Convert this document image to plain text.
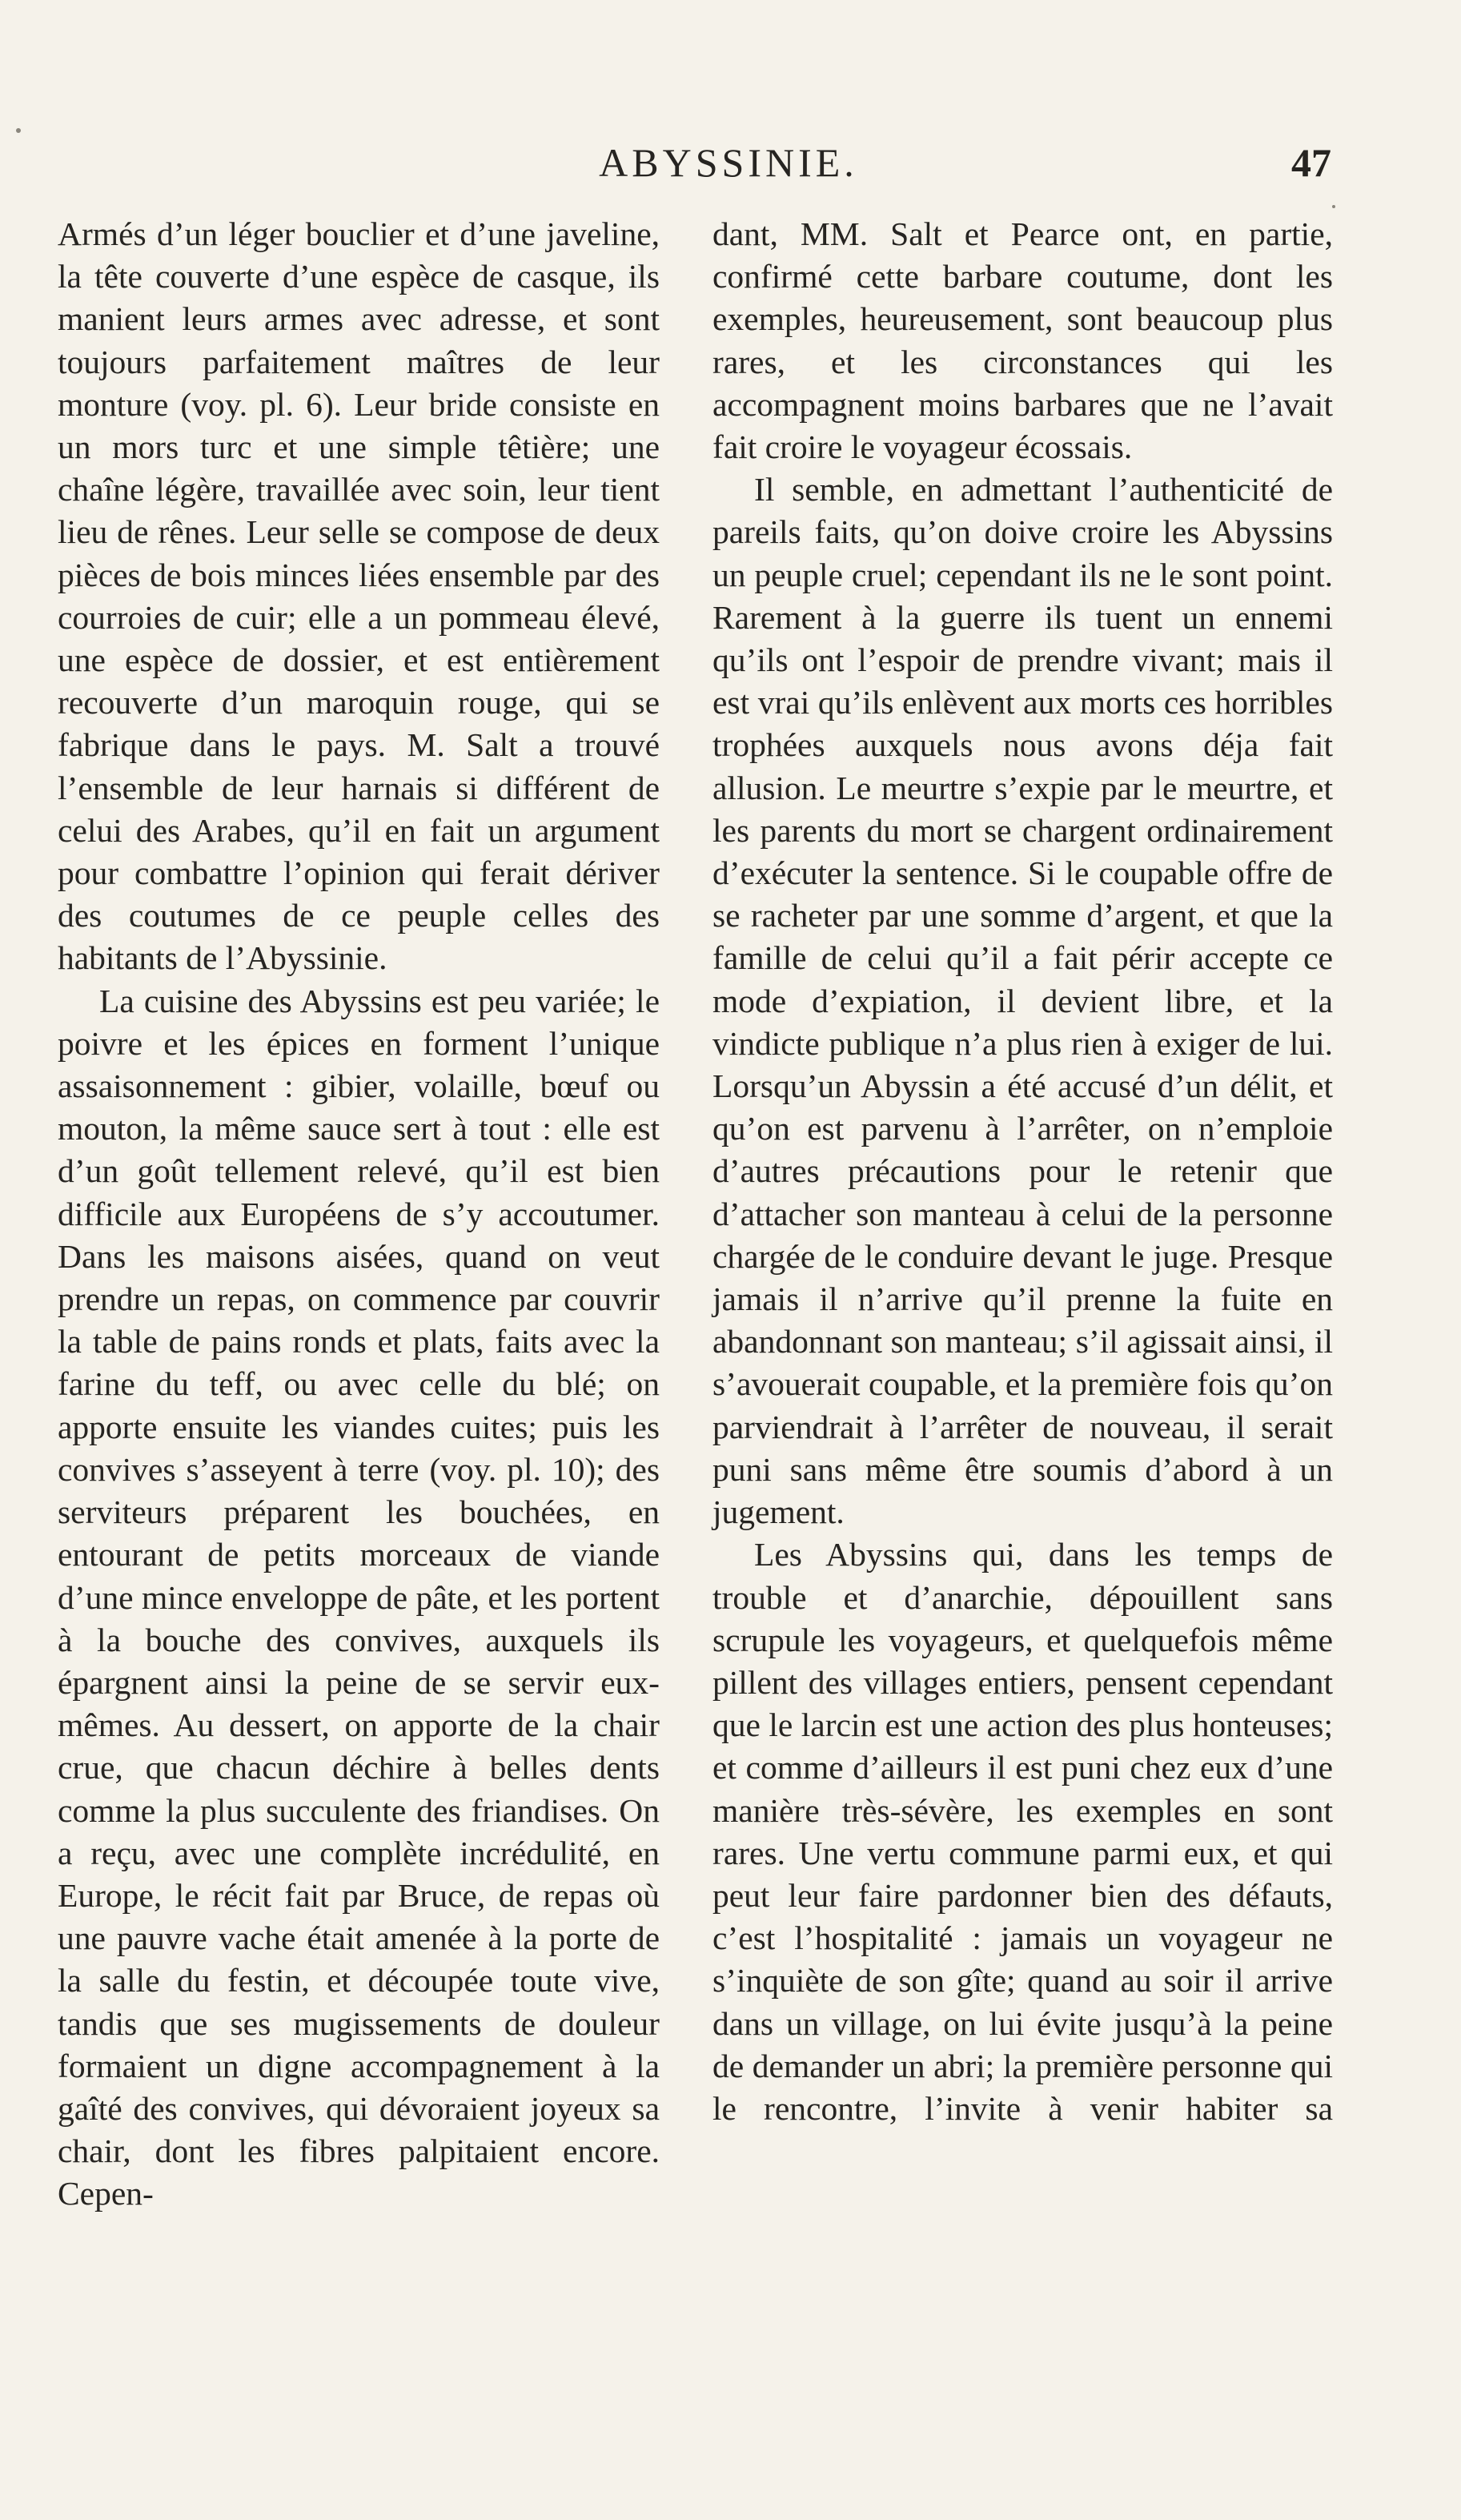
ABYSSINIE.	47

Armés d’un léger bouclier et d’une javeline, la tête couverte d’une espèce de casque, ils manient leurs armes avec adresse, et sont toujours parfaitement maîtres de leur monture (voy. pl. 6). Leur bride consiste en un mors turc et une simple têtière; une chaîne légère, travaillée avec soin, leur tient lieu de rênes. Leur selle se compose de deux pièces de bois minces liées ensemble par des courroies de cuir; elle a un pommeau élevé, une espèce de dossier, et est entièrement recouverte d’un maroquin rouge, qui se fabrique dans le pays. M. Salt a trouvé l’ensemble de leur harnais si différent de celui des Arabes, qu’il en fait un argument pour combattre l’opinion qui ferait dériver des coutumes de ce peuple celles des habitants de l’Abyssinie.

La cuisine des Abyssins est peu variée; le poivre et les épices en forment l’unique assaisonnement : gibier, volaille, bœuf ou mouton, la même sauce sert à tout : elle est d’un goût tellement relevé, qu’il est bien difficile aux Européens de s’y accoutumer. Dans les maisons aisées, quand on veut prendre un repas, on commence par couvrir la table de pains ronds et plats, faits avec la farine du teff, ou avec celle du blé; on apporte ensuite les viandes cuites; puis les convives s’asseyent à terre (voy. pl. 10); des serviteurs préparent les bouchées, en entourant de petits morceaux de viande d’une mince enveloppe de pâte, et les portent à la bouche des convives, auxquels ils épargnent ainsi la peine de se servir eux-mêmes. Au dessert, on apporte de la chair crue, que chacun déchire à belles dents comme la plus succulente des friandises. On a reçu, avec une complète incrédulité, en Europe, le récit fait par Bruce, de repas où une pauvre vache était amenée à la porte de la salle du festin, et découpée toute vive, tandis que ses mugissements de douleur formaient un digne accompagnement à la gaîté des convives, qui dévoraient joyeux sa chair, dont les fibres palpitaient encore. Cepen-

dant, MM. Salt et Pearce ont, en partie, confirmé cette barbare coutume, dont les exemples, heureusement, sont beaucoup plus rares, et les circonstances qui les accompagnent moins barbares que ne l’avait fait croire le voyageur écossais.

Il semble, en admettant l’authenticité de pareils faits, qu’on doive croire les Abyssins un peuple cruel; cependant ils ne le sont point. Rarement à la guerre ils tuent un ennemi qu’ils ont l’espoir de prendre vivant; mais il est vrai qu’ils enlèvent aux morts ces horribles trophées auxquels nous avons déja fait allusion. Le meurtre s’expie par le meurtre, et les parents du mort se chargent ordinairement d’exécuter la sentence. Si le coupable offre de se racheter par une somme d’argent, et que la famille de celui qu’il a fait périr accepte ce mode d’expiation, il devient libre, et la vindicte publique n’a plus rien à exiger de lui. Lorsqu’un Abyssin a été accusé d’un délit, et qu’on est parvenu à l’arrêter, on n’emploie d’autres précautions pour le retenir que d’attacher son manteau à celui de la personne chargée de le conduire devant le juge. Presque jamais il n’arrive qu’il prenne la fuite en abandonnant son manteau; s’il agissait ainsi, il s’avouerait coupable, et la première fois qu’on parviendrait à l’arrêter de nouveau, il serait puni sans même être soumis d’abord à un jugement.

Les Abyssins qui, dans les temps de trouble et d’anarchie, dépouillent sans scrupule les voyageurs, et quelquefois même pillent des villages entiers, pensent cependant que le larcin est une action des plus honteuses; et comme d’ailleurs il est puni chez eux d’une manière très-sévère, les exemples en sont rares. Une vertu commune parmi eux, et qui peut leur faire pardonner bien des défauts, c’est l’hospitalité : jamais un voyageur ne s’inquiète de son gîte; quand au soir il arrive dans un village, on lui évite jusqu’à la peine de demander un abri; la première personne qui le rencontre, l’invite à venir habiter sa
